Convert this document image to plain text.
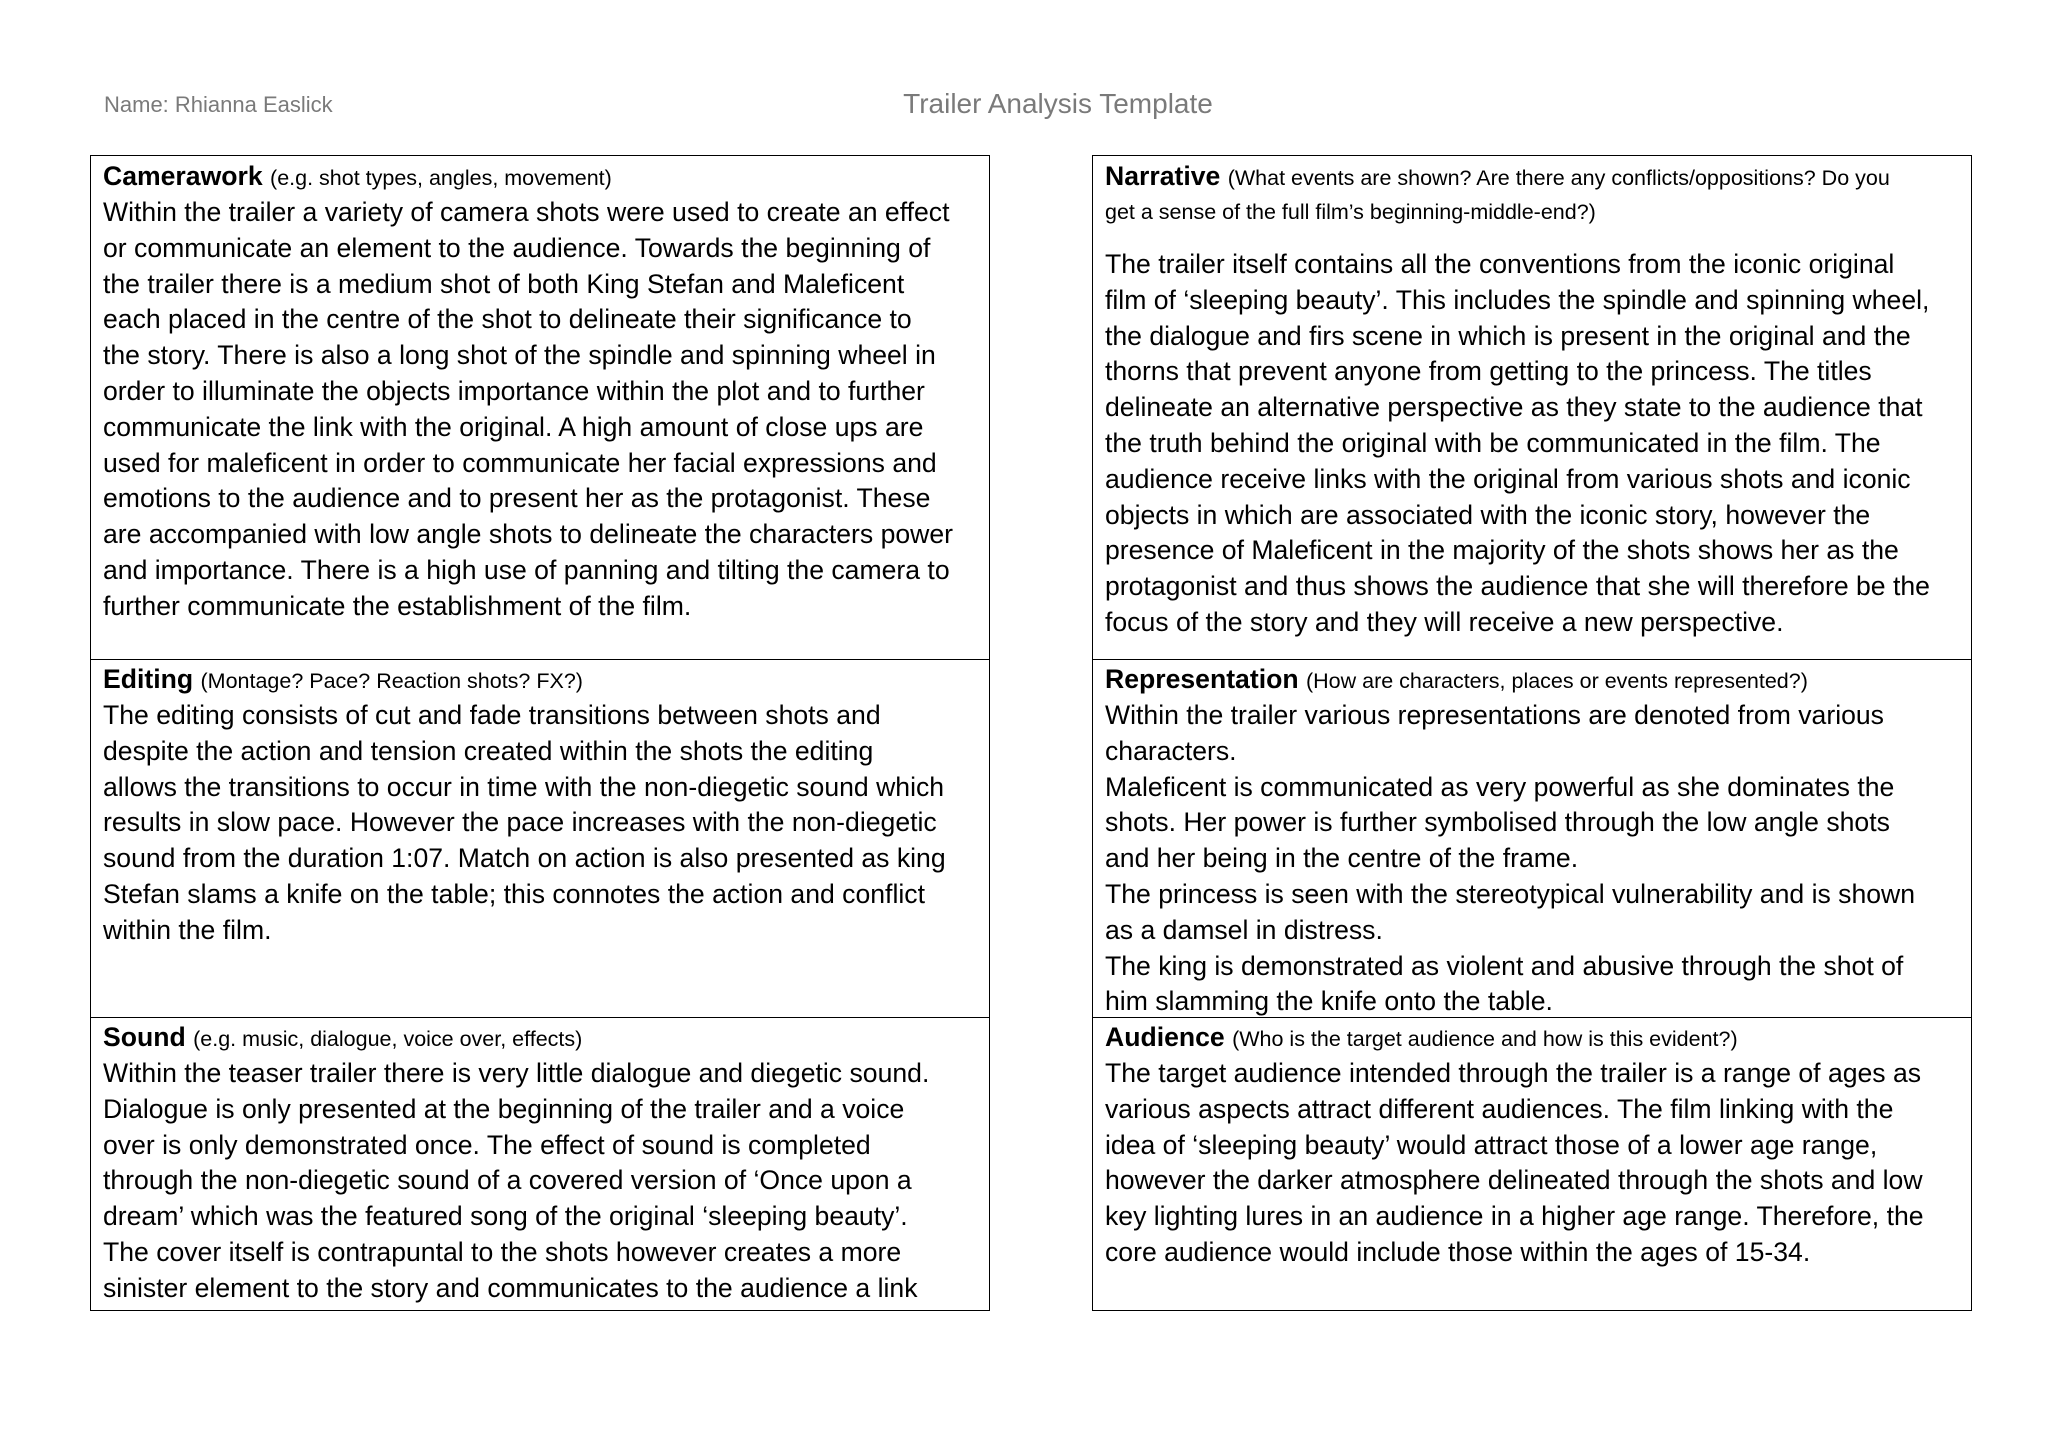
Name: Rhianna Easlick	Trailer Analysis Template

Camerawork (e.g. shot types, angles, movement)

Within the trailer a variety of camera shots were used to create an effect

or communicate an element to the audience. Towards the beginning of

the trailer there is a medium shot of both King Stefan and Maleficent

each placed in the centre of the shot to delineate their significance to

the story. There is also a long shot of the spindle and spinning wheel in

order to illuminate the objects importance within the plot and to further

communicate the link with the original. A high amount of close ups are

used for maleficent in order to communicate her facial expressions and

emotions to the audience and to present her as the protagonist. These

are accompanied with low angle shots to delineate the characters power

and importance. There is a high use of panning and tilting the camera to

further communicate the establishment of the film.

Editing (Montage? Pace? Reaction shots? FX?)

The editing consists of cut and fade transitions between shots and

despite the action and tension created within the shots the editing

allows the transitions to occur in time with the non-diegetic sound which

results in slow pace. However the pace increases with the non-diegetic

sound from the duration 1:07. Match on action is also presented as king

Stefan slams a knife on the table; this connotes the action and conflict

within the film.

Sound (e.g. music, dialogue, voice over, effects)

Within the teaser trailer there is very little dialogue and diegetic sound.

Dialogue is only presented at the beginning of the trailer and a voice

over is only demonstrated once. The effect of sound is completed

through the non-diegetic sound of a covered version of ‘Once upon a

dream’ which was the featured song of the original ‘sleeping beauty’.

The cover itself is contrapuntal to the shots however creates a more

sinister element to the story and communicates to the audience a link

Narrative (What events are shown? Are there any conflicts/oppositions? Do you

get a sense of the full film’s beginning-middle-end?)

The trailer itself contains all the conventions from the iconic original

film of ‘sleeping beauty’. This includes the spindle and spinning wheel,

the dialogue and firs scene in which is present in the original and the

thorns that prevent anyone from getting to the princess. The titles

delineate an alternative perspective as they state to the audience that

the truth behind the original with be communicated in the film. The

audience receive links with the original from various shots and iconic

objects in which are associated with the iconic story, however the

presence of Maleficent in the majority of the shots shows her as the

protagonist and thus shows the audience that she will therefore be the

focus of the story and they will receive a new perspective.

Representation (How are characters, places or events represented?)

Within the trailer various representations are denoted from various

characters.

Maleficent is communicated as very powerful as she dominates the

shots. Her power is further symbolised through the low angle shots

and her being in the centre of the frame.

The princess is seen with the stereotypical vulnerability and is shown

as a damsel in distress.

The king is demonstrated as violent and abusive through the shot of

him slamming the knife onto the table.

Audience (Who is the target audience and how is this evident?)

The target audience intended through the trailer is a range of ages as

various aspects attract different audiences. The film linking with the

idea of ‘sleeping beauty’ would attract those of a lower age range,

however the darker atmosphere delineated through the shots and low

key lighting lures in an audience in a higher age range. Therefore, the

core audience would include those within the ages of 15-34.
